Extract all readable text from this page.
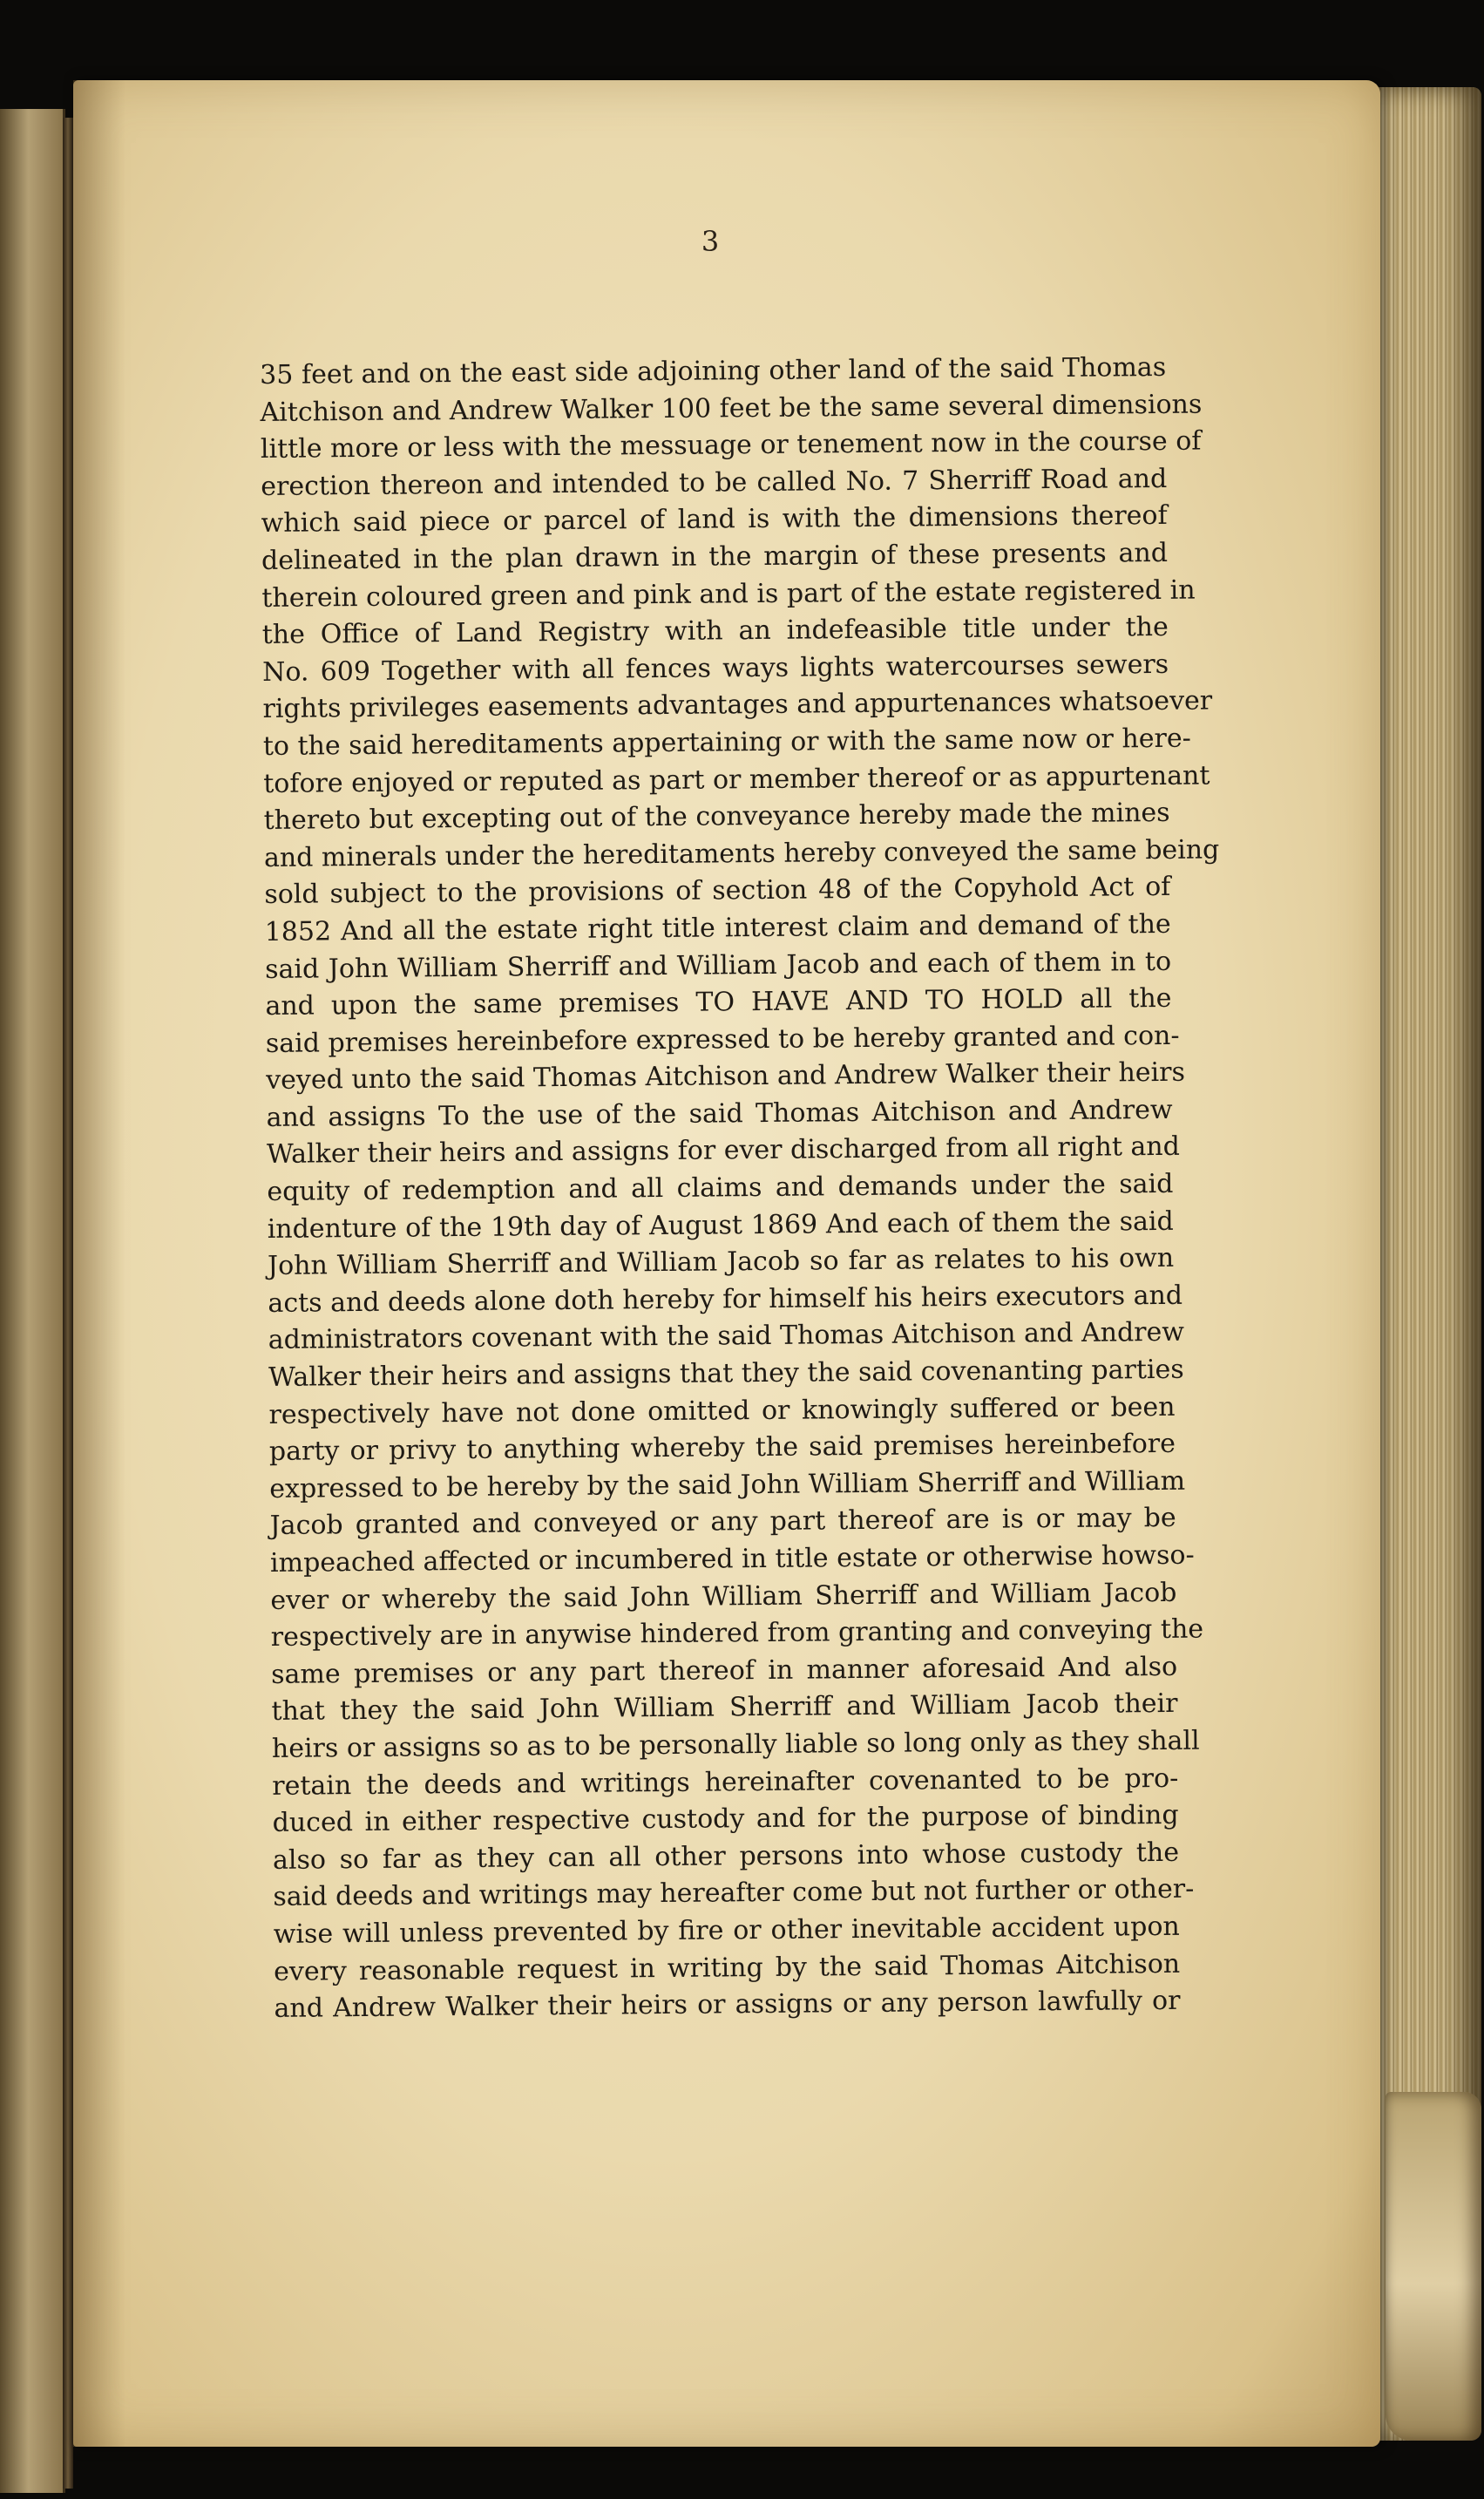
3
35 feet and on the east side adjoining other land of the said Thomas
Aitchison and Andrew Walker 100 feet be the same several dimensions
little more or less with the messuage or tenement now in the course of
erection thereon and intended to be called No. 7 Sherriff Road and
which said piece or parcel of land is with the dimensions thereof
delineated in the plan drawn in the margin of these presents and
therein coloured green and pink and is part of the estate registered in
the Office of Land Registry with an indefeasible title under the
No. 609 Together with all fences ways lights watercourses sewers
rights privileges easements advantages and appurtenances whatsoever
to the said hereditaments appertaining or with the same now or here-
tofore enjoyed or reputed as part or member thereof or as appurtenant
thereto but excepting out of the conveyance hereby made the mines
and minerals under the hereditaments hereby conveyed the same being
sold subject to the provisions of section 48 of the Copyhold Act of
1852 And all the estate right title interest claim and demand of the
said John William Sherriff and William Jacob and each of them in to
and upon the same premises TO HAVE AND TO HOLD all the
said premises hereinbefore expressed to be hereby granted and con-
veyed unto the said Thomas Aitchison and Andrew Walker their heirs
and assigns To the use of the said Thomas Aitchison and Andrew
Walker their heirs and assigns for ever discharged from all right and
equity of redemption and all claims and demands under the said
indenture of the 19th day of August 1869 And each of them the said
John William Sherriff and William Jacob so far as relates to his own
acts and deeds alone doth hereby for himself his heirs executors and
administrators covenant with the said Thomas Aitchison and Andrew
Walker their heirs and assigns that they the said covenanting parties
respectively have not done omitted or knowingly suffered or been
party or privy to anything whereby the said premises hereinbefore
expressed to be hereby by the said John William Sherriff and William
Jacob granted and conveyed or any part thereof are is or may be
impeached affected or incumbered in title estate or otherwise howso-
ever or whereby the said John William Sherriff and William Jacob
respectively are in anywise hindered from granting and conveying the
same premises or any part thereof in manner aforesaid And also
that they the said John William Sherriff and William Jacob their
heirs or assigns so as to be personally liable so long only as they shall
retain the deeds and writings hereinafter covenanted to be pro-
duced in either respective custody and for the purpose of binding
also so far as they can all other persons into whose custody the
said deeds and writings may hereafter come but not further or other-
wise will unless prevented by fire or other inevitable accident upon
every reasonable request in writing by the said Thomas Aitchison
and Andrew Walker their heirs or assigns or any person lawfully or
